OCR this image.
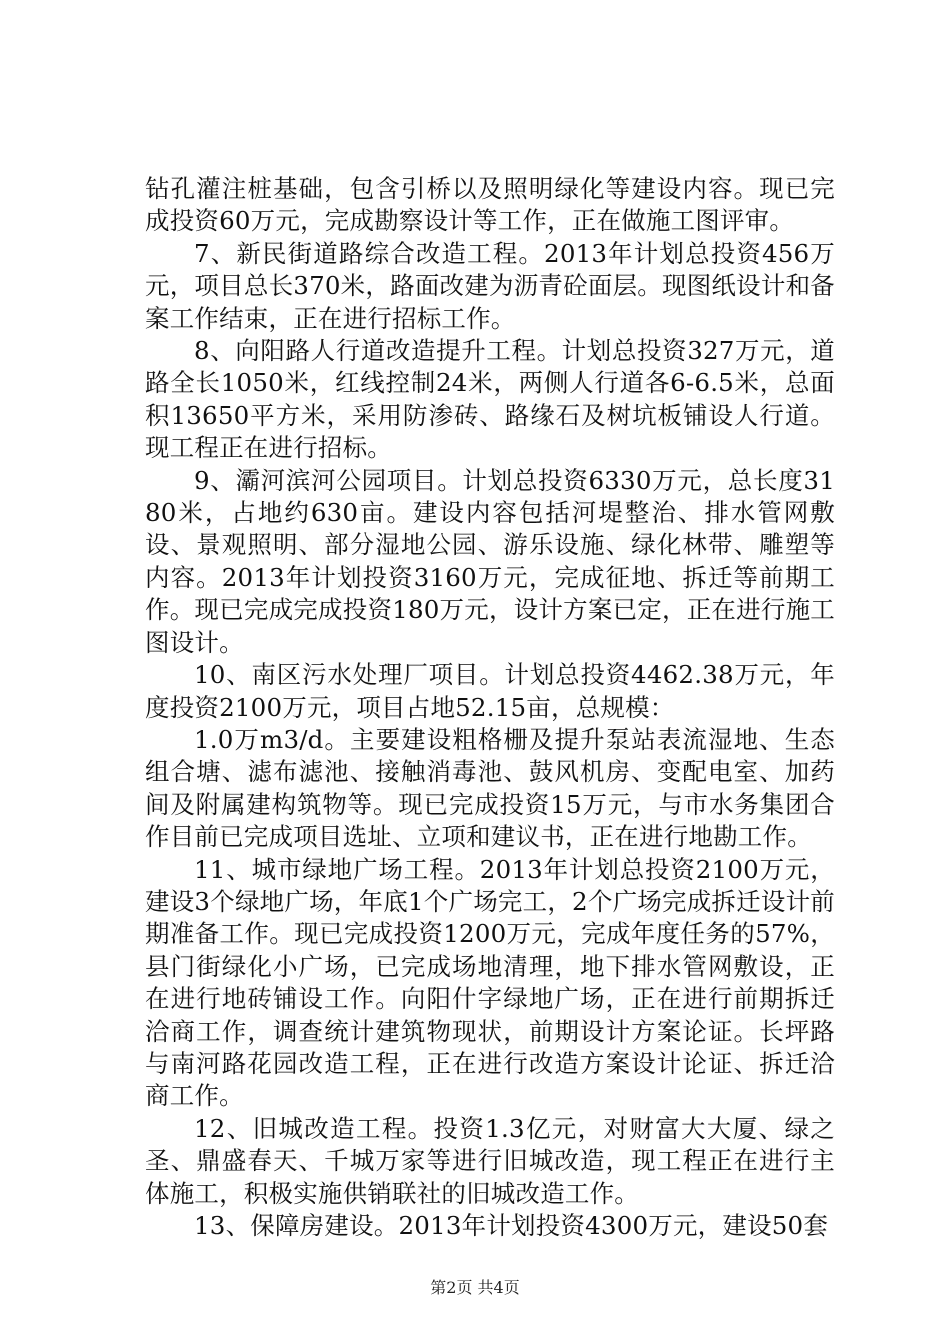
钻孔灌注桩基础，包含引桥以及照明绿化等建设内容。现已完成投资60万元，完成勘察设计等工作，正在做施工图评审。

7、新民街道路综合改造工程。2013年计划总投资456万元，项目总长370米，路面改建为沥青砼面层。现图纸设计和备案工作结束，正在进行招标工作。

8、向阳路人行道改造提升工程。计划总投资327万元，道路全长1050米，红线控制24米，两侧人行道各6-6.5米，总面积13650平方米，采用防渗砖、路缘石及树坑板铺设人行道。现工程正在进行招标。

9、灞河滨河公园项目。计划总投资6330万元，总长度3180米，占地约630亩。建设内容包括河堤整治、排水管网敷设、景观照明、部分湿地公园、游乐设施、绿化林带、雕塑等内容。2013年计划投资3160万元，完成征地、拆迁等前期工作。现已完成完成投资180万元，设计方案已定，正在进行施工图设计。

10、南区污水处理厂项目。计划总投资4462.38万元，年度投资2100万元，项目占地52.15亩，总规模：

1.0万m3/d。主要建设粗格栅及提升泵站表流湿地、生态组合塘、滤布滤池、接触消毒池、鼓风机房、变配电室、加药间及附属建构筑物等。现已完成投资15万元，与市水务集团合作目前已完成项目选址、立项和建议书，正在进行地勘工作。

11、城市绿地广场工程。2013年计划总投资2100万元，建设3个绿地广场，年底1个广场完工，2个广场完成拆迁设计前期准备工作。现已完成投资1200万元，完成年度任务的57%，县门街绿化小广场，已完成场地清理，地下排水管网敷设，正在进行地砖铺设工作。向阳什字绿地广场，正在进行前期拆迁洽商工作，调查统计建筑物现状，前期设计方案论证。长坪路与南河路花园改造工程，正在进行改造方案设计论证、拆迁洽商工作。

12、旧城改造工程。投资1.3亿元，对财富大大厦、绿之圣、鼎盛春天、千城万家等进行旧城改造，现工程正在进行主体施工，积极实施供销联社的旧城改造工作。

13、保障房建设。2013年计划投资4300万元，建设50套

第2页 共4页
